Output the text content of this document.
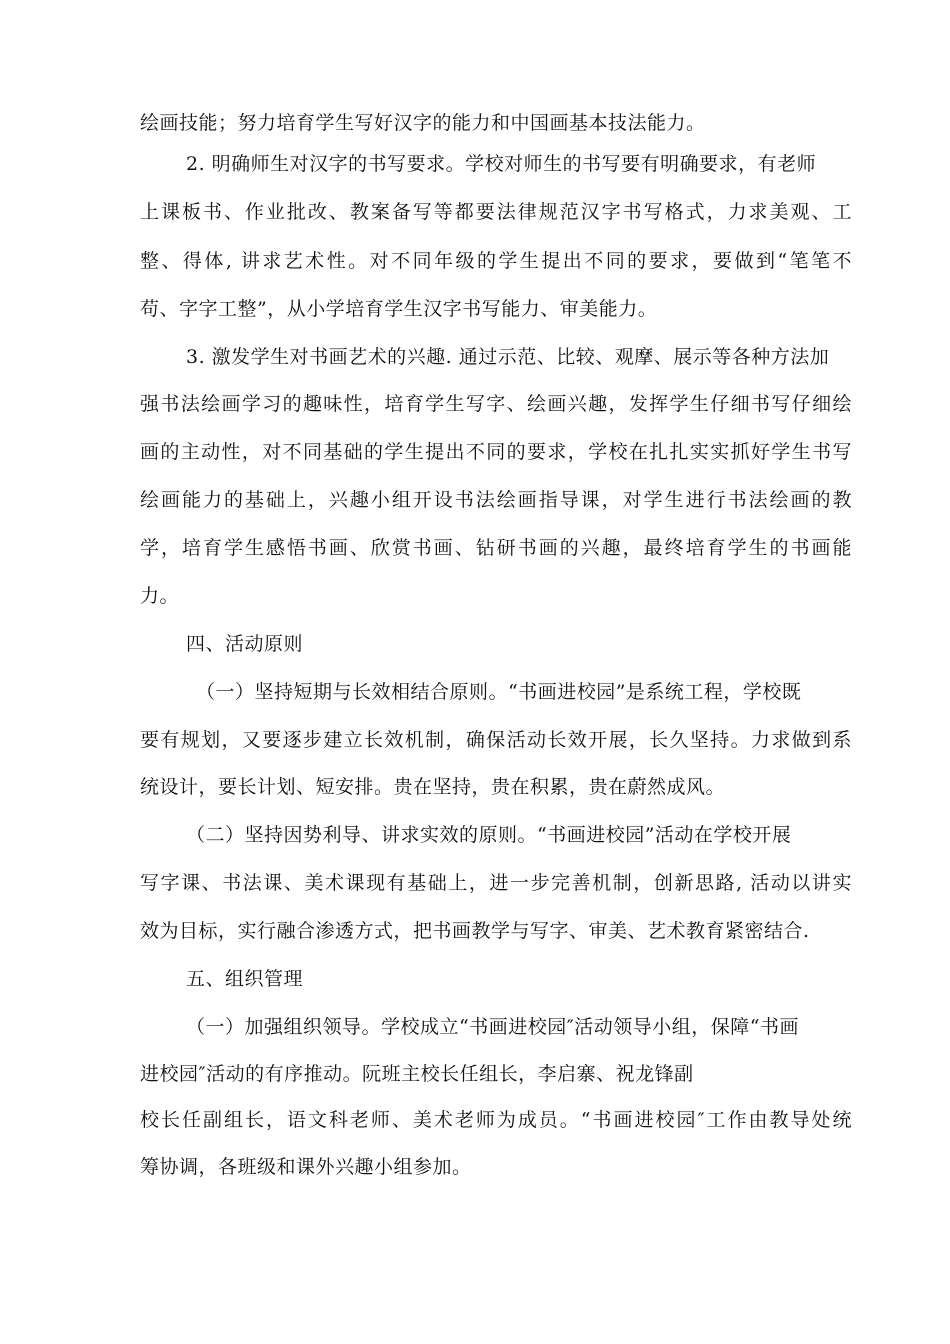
绘画技能；努力培育学生写好汉字的能力和中国画基本技法能力。
2. 明确师生对汉字的书写要求。学校对师生的书写要有明确要求，有老师
上课板书、作业批改、教案备写等都要法律规范汉字书写格式，力求美观、工
整、得体, 讲求艺术性。对不同年级的学生提出不同的要求，要做到“笔笔不
苟、字字工整”，从小学培育学生汉字书写能力、审美能力。
3. 激发学生对书画艺术的兴趣. 通过示范、比较、观摩、展示等各种方法加
强书法绘画学习的趣味性，培育学生写字、绘画兴趣，发挥学生仔细书写仔细绘
画的主动性，对不同基础的学生提出不同的要求，学校在扎扎实实抓好学生书写
绘画能力的基础上，兴趣小组开设书法绘画指导课，对学生进行书法绘画的教
学，培育学生感悟书画、欣赏书画、钻研书画的兴趣，最终培育学生的书画能
力。
四、活动原则
（一）坚持短期与长效相结合原则。“书画进校园”是系统工程，学校既
要有规划，又要逐步建立长效机制，确保活动长效开展，长久坚持。力求做到系
统设计，要长计划、短安排。贵在坚持，贵在积累，贵在蔚然成风。
（二）坚持因势利导、讲求实效的原则。“书画进校园”活动在学校开展
写字课、书法课、美术课现有基础上，进一步完善机制，创新思路, 活动以讲实
效为目标，实行融合渗透方式，把书画教学与写字、审美、艺术教育紧密结合.
五、组织管理
（一）加强组织领导。学校成立“书画进校园″活动领导小组，保障“书画
进校园″活动的有序推动。阮班主校长任组长，李启寨、祝龙锋副
校长任副组长，语文科老师、美术老师为成员。“书画进校园″工作由教导处统
筹协调，各班级和课外兴趣小组参加。
